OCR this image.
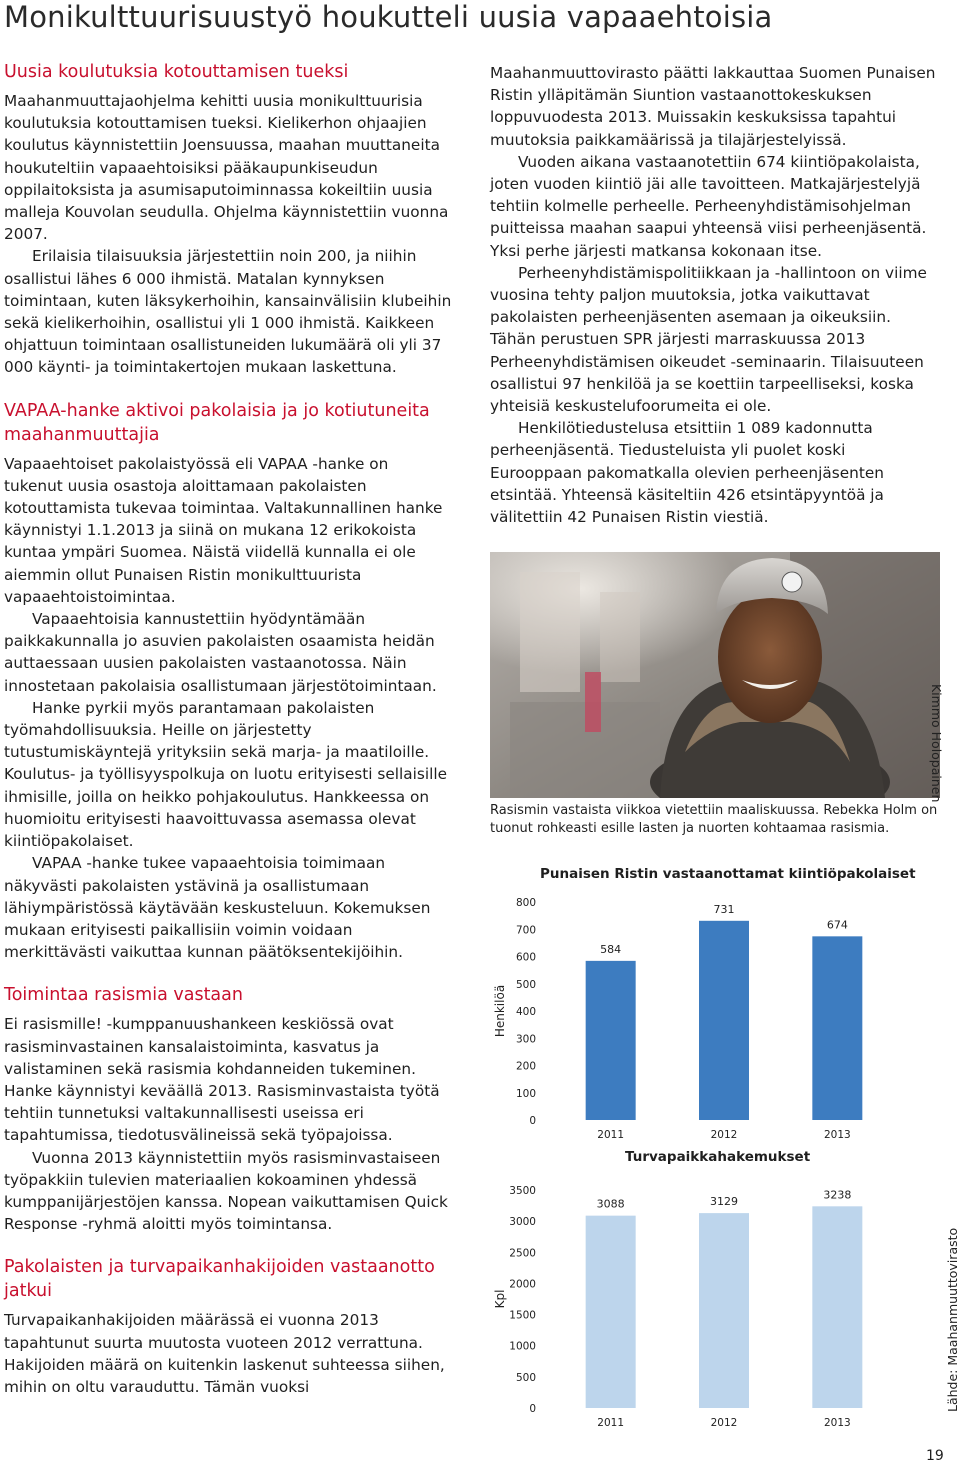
Monikulttuurisuustyö houkutteli uusia vapaaehtoisia
Uusia koulutuksia kotouttamisen tueksi

Maahanmuuttajaohjelma kehitti uusia monikulttuurisia koulutuksia kotouttamisen tueksi. Kielikerhon ohjaajien koulutus käynnistettiin Joensuussa, maahan muuttaneita houkuteltiin vapaaehtoisiksi pääkaupunkiseudun oppilaitoksista ja asumisaputoiminnassa kokeiltiin uusia malleja Kouvolan seudulla. Ohjelma käynnistettiin vuonna 2007.

Erilaisia tilaisuuksia järjestettiin noin 200, ja niihin osallistui lähes 6 000 ihmistä. Matalan kynnyksen toimintaan, kuten läksykerhoihin, kansainvälisiin klubeihin sekä kielikerhoihin, osallistui yli 1 000 ihmistä. Kaikkeen ohjattuun toimintaan osallistuneiden lukumäärä oli yli 37 000 käynti- ja toimintakertojen mukaan laskettuna.

VAPAA-hanke aktivoi pakolaisia ja jo kotiutuneita maahanmuuttajia

Vapaaehtoiset pakolaistyössä eli VAPAA -hanke on tukenut uusia osastoja aloittamaan pakolaisten kotouttamista tukevaa toimintaa. Valtakunnallinen hanke käynnistyi 1.1.2013 ja siinä on mukana 12 erikokoista kuntaa ympäri Suomea. Näistä viidellä kunnalla ei ole aiemmin ollut Punaisen Ristin monikulttuurista vapaaehtoistoimintaa.

Vapaaehtoisia kannustettiin hyödyntämään paikkakunnalla jo asuvien pakolaisten osaamista heidän auttaessaan uusien pakolaisten vastaanotossa. Näin innostetaan pakolaisia osallistumaan järjestötoimintaan.

Hanke pyrkii myös parantamaan pakolaisten työmahdollisuuksia. Heille on järjestetty tutustumiskäyntejä yrityksiin sekä marja- ja maatiloille. Koulutus- ja työllisyyspolkuja on luotu erityisesti sellaisille ihmisille, joilla on heikko pohjakoulutus. Hankkeessa on huomioitu erityisesti haavoittuvassa asemassa olevat kiintiöpakolaiset.

VAPAA -hanke tukee vapaaehtoisia toimimaan näkyvästi pakolaisten ystävinä ja osallistumaan lähiympäristössä käytävään keskusteluun. Kokemuksen mukaan erityisesti paikallisiin voimin voidaan merkittävästi vaikuttaa kunnan päätöksentekijöihin.

Toimintaa rasismia vastaan

Ei rasismille! -kumppanuushankeen keskiössä ovat rasisminvastainen kansalaistoiminta, kasvatus ja valistaminen sekä rasismia kohdanneiden tukeminen. Hanke käynnistyi keväällä 2013. Rasisminvastaista työtä tehtiin tunnetuksi valtakunnallisesti useissa eri tapahtumissa, tiedotusvälineissä sekä työpajoissa.

Vuonna 2013 käynnistettiin myös rasisminvastaiseen työpakkiin tulevien materiaalien kokoaminen yhdessä kumppanijärjestöjen kanssa. Nopean vaikuttamisen Quick Response -ryhmä aloitti myös toimintansa.

Pakolaisten ja turvapaikanhakijoiden vastaanotto jatkui

Turvapaikanhakijoiden määrässä ei vuonna 2013 tapahtunut suurta muutosta vuoteen 2012 verrattuna. Hakijoiden määrä on kuitenkin laskenut suhteessa siihen, mihin on oltu varauduttu. Tämän vuoksi

Maahanmuuttovirasto päätti lakkauttaa Suomen Punaisen Ristin ylläpitämän Siuntion vastaanottokeskuksen loppuvuodesta 2013. Muissakin keskuksissa tapahtui muutoksia paikkamäärissä ja tilajärjestelyissä.

Vuoden aikana vastaanotettiin 674 kiintiöpakolaista, joten vuoden kiintiö jäi alle tavoitteen. Matkajärjestelyjä tehtiin kolmelle perheelle. Perheenyhdistämisohjelman puitteissa maahan saapui yhteensä viisi perheenjäsentä. Yksi perhe järjesti matkansa kokonaan itse.

Perheenyhdistämispolitiikkaan ja -hallintoon on viime vuosina tehty paljon muutoksia, jotka vaikuttavat pakolaisten perheenjäsenten asemaan ja oikeuksiin. Tähän perustuen SPR järjesti marraskuussa 2013 Perheenyhdistämisen oikeudet -seminaarin. Tilaisuuteen osallistui 97 henkilöä ja se koettiin tarpeelliseksi, koska yhteisiä keskustelufoorumeita ei ole.

Henkilötiedustelusa etsittiin 1 089 kadonnutta perheenjäsentä. Tiedusteluista yli puolet koski Eurooppaan pakomatkalla olevien perheenjäsenten etsintää. Yhteensä käsiteltiin 426 etsintäpyyntöä ja välitettiin 42 Punaisen Ristin viestiä.

Kimmo Holopainen
Rasismin vastaista viikkoa vietettiin maaliskuussa. Rebekka Holm on tuonut rohkeasti esille lasten ja nuorten kohtaamaa rasismia.
Punaisen Ristin vastaanottamat kiintiöpakolaiset
Henkilöä
0
100
200
300
400
500
600
700
800
584
2011
731
2012
674
2013
Turvapaikkahakemukset
Kpl
0
500
1000
1500
2000
2500
3000
3500
3088
2011
3129
2012
3238
2013
Lähde: Maahanmuuttovirasto
19
